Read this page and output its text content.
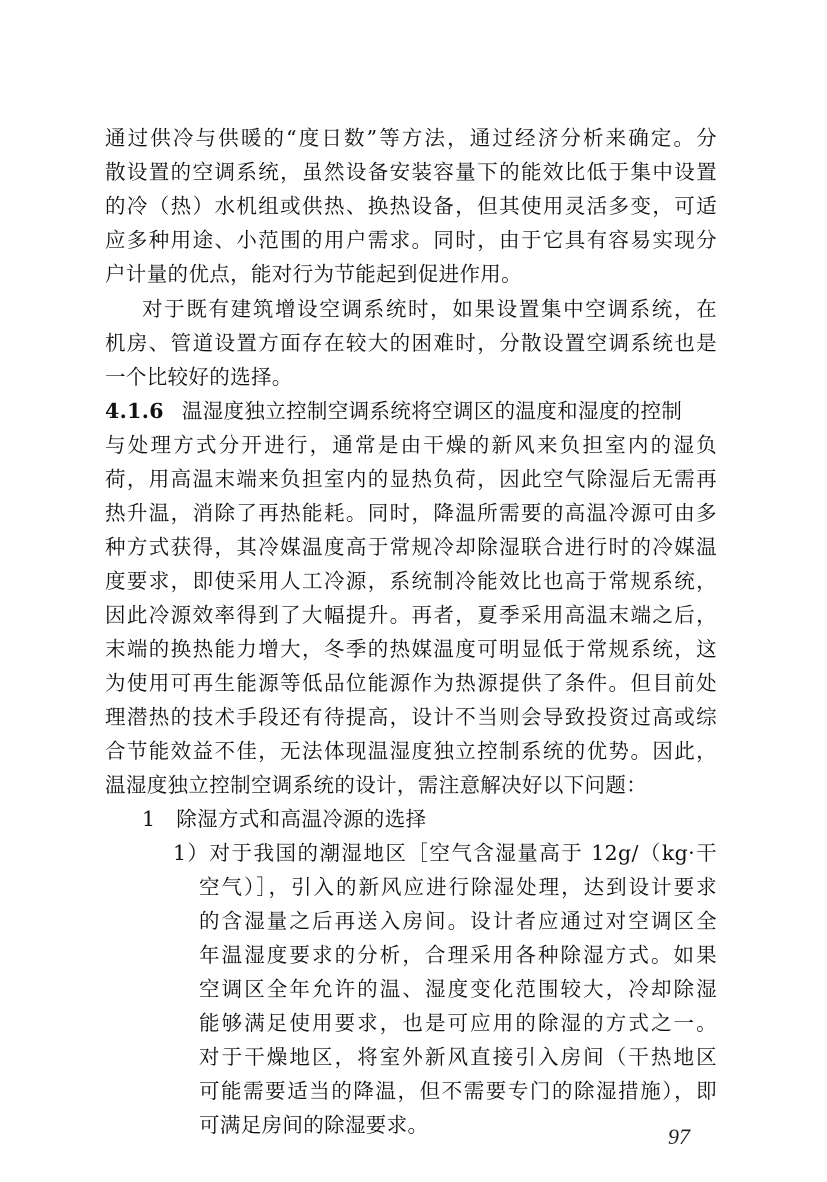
通过供冷与供暖的“度日数”等方法，通过经济分析来确定。分
散设置的空调系统，虽然设备安装容量下的能效比低于集中设置
的冷（热）水机组或供热、换热设备，但其使用灵活多变，可适
应多种用途、小范围的用户需求。同时，由于它具有容易实现分
户计量的优点，能对行为节能起到促进作用。
对于既有建筑增设空调系统时，如果设置集中空调系统，在
机房、管道设置方面存在较大的困难时，分散设置空调系统也是
一个比较好的选择。
4.1.6 温湿度独立控制空调系统将空调区的温度和湿度的控制
与处理方式分开进行，通常是由干燥的新风来负担室内的湿负
荷，用高温末端来负担室内的显热负荷，因此空气除湿后无需再
热升温，消除了再热能耗。同时，降温所需要的高温冷源可由多
种方式获得，其冷媒温度高于常规冷却除湿联合进行时的冷媒温
度要求，即使采用人工冷源，系统制冷能效比也高于常规系统，
因此冷源效率得到了大幅提升。再者，夏季采用高温末端之后，
末端的换热能力增大，冬季的热媒温度可明显低于常规系统，这
为使用可再生能源等低品位能源作为热源提供了条件。但目前处
理潜热的技术手段还有待提高，设计不当则会导致投资过高或综
合节能效益不佳，无法体现温湿度独立控制系统的优势。因此，
温湿度独立控制空调系统的设计，需注意解决好以下问题：
1　除湿方式和高温冷源的选择
1）对于我国的潮湿地区［空气含湿量高于 12g/（kg·干
空气）］，引入的新风应进行除湿处理，达到设计要求
的含湿量之后再送入房间。设计者应通过对空调区全
年温湿度要求的分析，合理采用各种除湿方式。如果
空调区全年允许的温、湿度变化范围较大，冷却除湿
能够满足使用要求，也是可应用的除湿的方式之一。
对于干燥地区，将室外新风直接引入房间（干热地区
可能需要适当的降温，但不需要专门的除湿措施），即
可满足房间的除湿要求。	97
